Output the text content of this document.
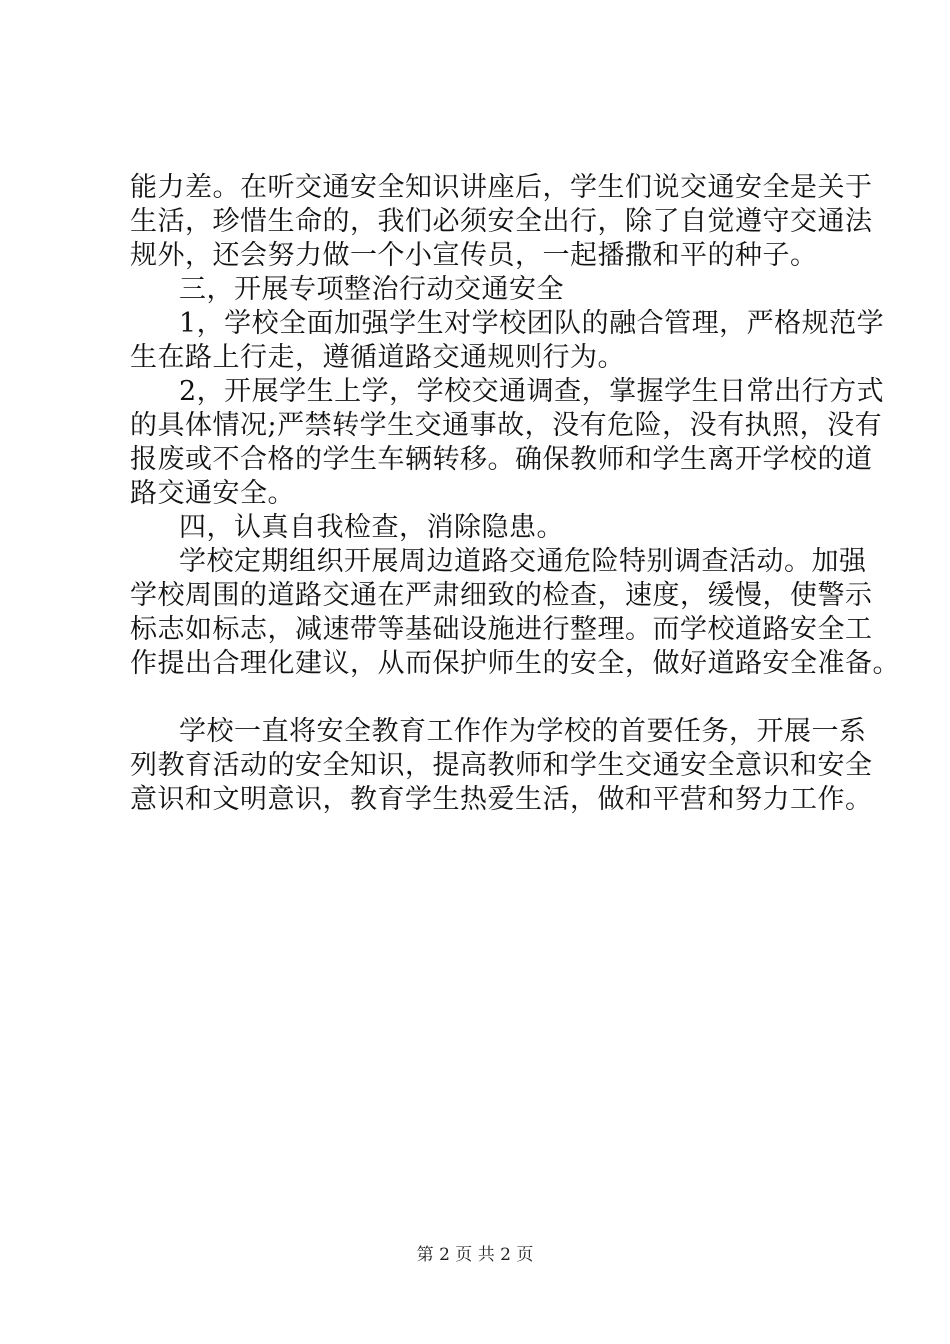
能力差。在听交通安全知识讲座后，学生们说交通安全是关于
生活，珍惜生命的，我们必须安全出行，除了自觉遵守交通法
规外，还会努力做一个小宣传员，一起播撒和平的种子。
三，开展专项整治行动交通安全
1，学校全面加强学生对学校团队的融合管理，严格规范学
生在路上行走，遵循道路交通规则行为。
2，开展学生上学，学校交通调查，掌握学生日常出行方式
的具体情况;严禁转学生交通事故，没有危险，没有执照，没有
报废或不合格的学生车辆转移。确保教师和学生离开学校的道
路交通安全。
四，认真自我检查，消除隐患。
学校定期组织开展周边道路交通危险特别调查活动。加强
学校周围的道路交通在严肃细致的检查，速度，缓慢，使警示
标志如标志，减速带等基础设施进行整理。而学校道路安全工
作提出合理化建议，从而保护师生的安全，做好道路安全准备。
学校一直将安全教育工作作为学校的首要任务，开展一系
列教育活动的安全知识，提高教师和学生交通安全意识和安全
意识和文明意识，教育学生热爱生活，做和平营和努力工作。
第 2 页 共 2 页
